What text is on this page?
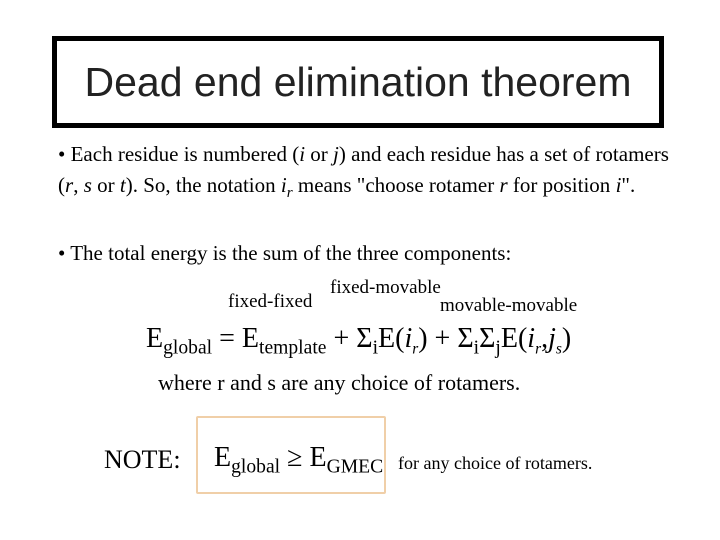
Dead end elimination theorem
• Each residue is numbered (i or j) and each residue has a set of rotamers (r, s or t). So, the notation $i_r$ means "choose rotamer r for position i".
• The total energy is the sum of the three components:
fixed-fixed
fixed-movable
movable-movable
$E_{global} = E_{template} + \Sigma_iE(i_r) + \Sigma_i\Sigma_jE(i_r,j_s)$
where r and s are any choice of rotamers.
NOTE: $E_{global} \ge E_{GMEC}$ for any choice of rotamers.
